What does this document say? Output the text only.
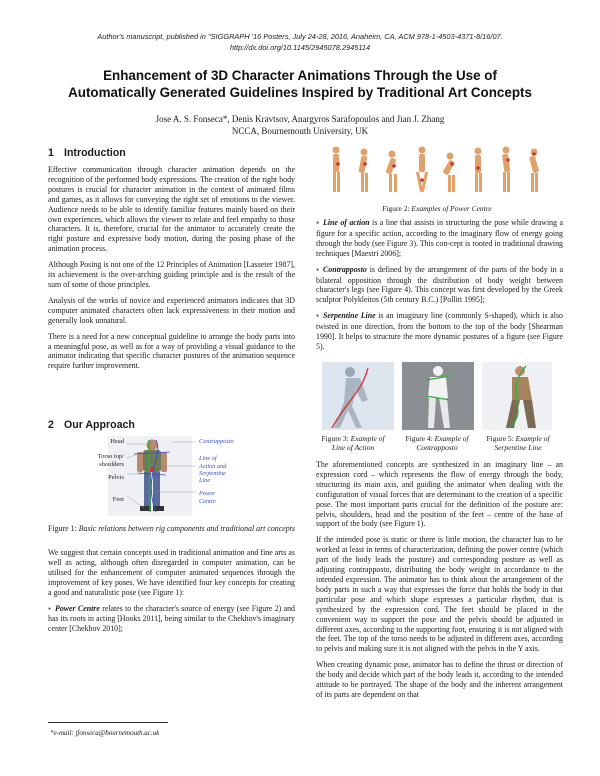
Author's manuscript, published in "SIGGRAPH '16 Posters, July 24-28, 2016, Anaheim, CA, ACM 978-1-4503-4371-8/16/07.
http://dx.doi.org/10.1145/2945078.2945114
Enhancement of 3D Character Animations Through the Use of
Automatically Generated Guidelines Inspired by Traditional Art Concepts
Jose A. S. Fonseca*, Denis Kravtsov, Anargyros Sarafopoulos and Jian J. Zhang
NCCA, Bournemouth University, UK
1 Introduction

Effective communication through character animation depends on the recognition of the performed body expressions. The creation of the right body postures is crucial for character animation in the context of animated films and games, as it allows for conveying the right set of emotions to the viewer. Audience needs to be able to identify familiar features mainly based on their own experiences, which allows the viewer to relate and feel empathy to those characters. It is, therefore, crucial for the animator to accurately create the right posture and expressive body motion, during the posing phase of the animation process.

Although Posing is not one of the 12 Principles of Animation [Lasseter 1987], its achievement is the over-arching guiding principle and is the result of the sum of some of those principles.

Analysis of the works of novice and experienced animators indicates that 3D computer animated characters often lack expressiveness in their motion and generally look unnatural.

There is a need for a new conceptual guideline to arrange the body parts into a meaningful pose, as well as for a way of providing a visual guidance to the animator indicating that specific character postures of the animation sequence require further improvement.

2 Our Approach
Head
Torso top/
shoulders
Pelvis
Feet
Contrapposto
Line of
Action and
Serpentine
Line
Power
Centre
Figure 1: Basic relations between rig components and traditional art concepts

We suggest that certain concepts used in traditional animation and fine arts as well as acting, although often disregarded in computer animation, can be utilised for the enhancement of computer animated sequences through the improvement of key poses. We have identified four key concepts for creating a good and naturalistic pose (see Figure 1):

● Power Centre relates to the character's source of energy (see Figure 2) and has its roots in acting [Hooks 2011], being similar to the Chekhov's imaginary center [Chekhov 2010];

*e-mail: jfonseca@bournemouth.ac.uk
Figure 2: Examples of Power Centre

● Line of action is a line that assists in structuring the pose while drawing a figure for a specific action, according to the imaginary flow of energy going through the body (see Figure 3). This con-cept is rooted in traditional drawing techniques [Maestri 2006];

● Contrapposto is defined by the arrangement of the parts of the body in a bilateral opposition through the distribution of body weight between character's legs (see Figure 4). This concept was first developed by the Greek sculptor Polykleitos (5th century B.C.) [Pollitt 1995];

● Serpentine Line is an imaginary line (commonly S-shaped), which is also twisted in one direction, from the bottom to the top of the body [Shearman 1990]. It helps to structure the more dynamic postures of a figure (see Figure 5).

Figure 3: Example of
Line of Action
Figure 4: Example of
Contrapposto
Figure 5: Example of
Serpentine Line

The aforementioned concepts are synthesized in an imaginary line – an expression cord – which represents the flow of energy through the body, structuring its main axis, and guiding the animator when dealing with the configuration of visual forces that are determinant to the creation of a specific pose. The most important parts crucial for the definition of the posture are: pelvis, shoulders, head and the position of the feet – centre of the base of support of the body (see Figure 1).

If the intended pose is static or there is little motion, the character has to be worked at least in terms of characterization, defining the power centre (which part of the body leads the posture) and corresponding posture as well as adjusting contrapposto, distributing the body weight in accordance to the intended expression. The animator has to think about the arrangement of the body parts in such a way that expresses the force that holds the body in that particular pose and which shape expresses a particular rhythm, that is synthesized by the expression cord. The feet should be placed in the convenient way to support the pose and the pelvis should be adjusted in different axes, according to the supporting foot, ensuring it is not aligned with the feet. The top of the torso needs to be adjusted in different axes, according to pelvis and making sure it is not aligned with the pelvis in the Y axis.

When creating dynamic pose, animator has to define the thrust or direction of the body and decide which part of the body leads it, according to the intended attitude to be portrayed. The shape of the body and the inherent arrangement of its parts are dependent on that
